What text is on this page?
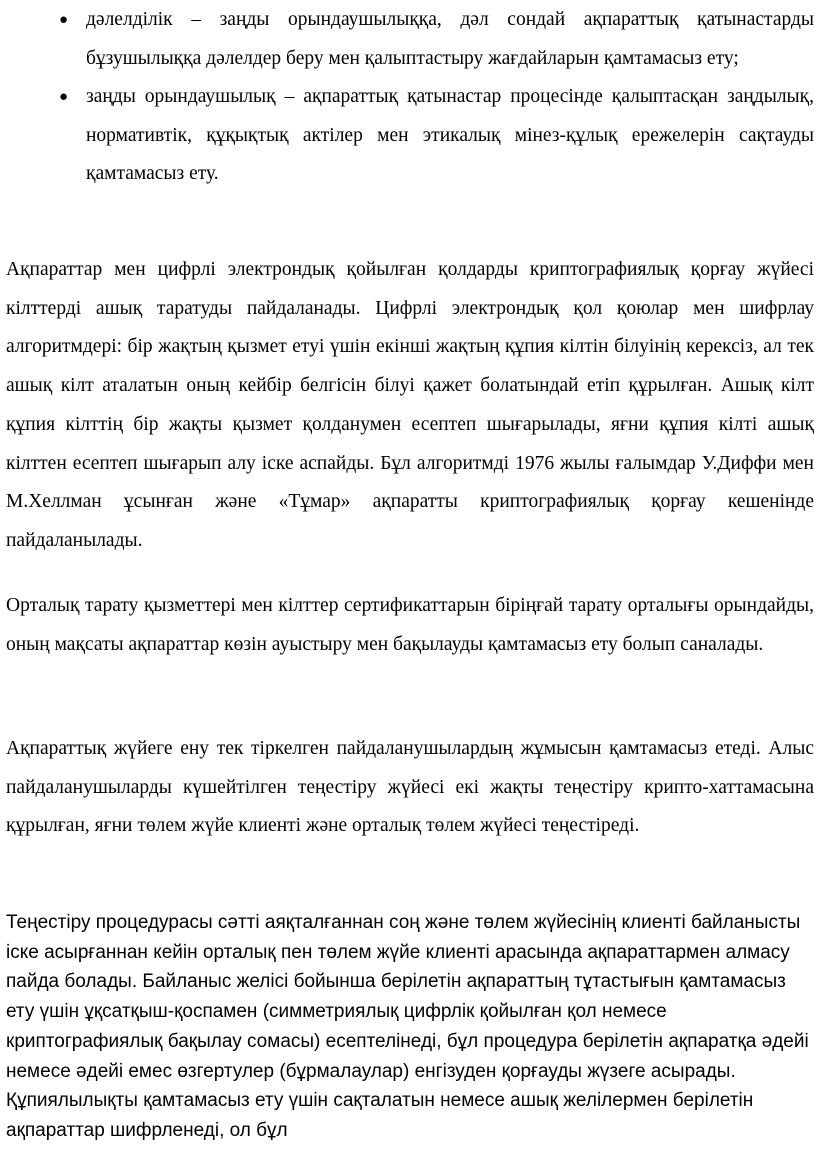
● дәлелділік – заңды орындаушылыққа, дәл сондай ақпараттық қатынастарды бұзушылыққа дәлелдер беру мен қалыптастыру жағдайларын қамтамасыз ету;
● заңды орындаушылық – ақпараттық қатынастар процесінде қалыптасқан заңдылық, нормативтік, құқықтық актілер мен этикалық мінез-құлық ережелерін сақтауды қамтамасыз ету.

Ақпараттар мен цифрлі электрондық қойылған қолдарды криптографиялық қорғау жүйесі кілттерді ашық таратуды пайдаланады. Цифрлі электрондық қол қоюлар мен шифрлау алгоритмдері: бір жақтың қызмет етуі үшін екінші жақтың құпия кілтін білуінің керексіз, ал тек ашық кілт аталатын оның кейбір белгісін білуі қажет болатындай етіп құрылған. Ашық кілт құпия кілттің бір жақты қызмет қолданумен есептеп шығарылады, яғни құпия кілті ашық кілттен есептеп шығарып алу іске аспайды. Бұл алгоритмді 1976 жылы ғалымдар У.Диффи мен М.Хеллман ұсынған және «Тұмар» ақпаратты криптографиялық қорғау кешенінде пайдаланылады.

Орталық тарату қызметтері мен кілттер сертификаттарын біріңғай тарату орталығы орындайды, оның мақсаты ақпараттар көзін ауыстыру мен бақылауды қамтамасыз ету болып саналады.

Ақпараттық жүйеге ену тек тіркелген пайдаланушылардың жұмысын қамтамасыз етеді. Алыс пайдаланушыларды күшейтілген теңестіру жүйесі екі жақты теңестіру крипто-хаттамасына құрылған, яғни төлем жүйе клиенті және орталық төлем жүйесі теңестіреді.

Теңестіру процедурасы сәтті аяқталғаннан соң және төлем жүйесінің клиенті байланысты іске асырғаннан кейін орталық пен төлем жүйе клиенті арасында ақпараттармен алмасу пайда болады. Байланыс желісі бойынша берілетін ақпараттың тұтастығын қамтамасыз ету үшін ұқсатқыш-қоспамен (симметриялық цифрлік қойылған қол немесе криптографиялық бақылау сомасы) есептелінеді, бұл процедура берілетін ақпаратқа әдейі немесе әдейі емес өзгертулер (бұрмалаулар) енгізуден қорғауды жүзеге асырады. Құпиялылықты қамтамасыз ету үшін сақталатын немесе ашық желілермен берілетін ақпараттар шифрленеді, ол бұл
